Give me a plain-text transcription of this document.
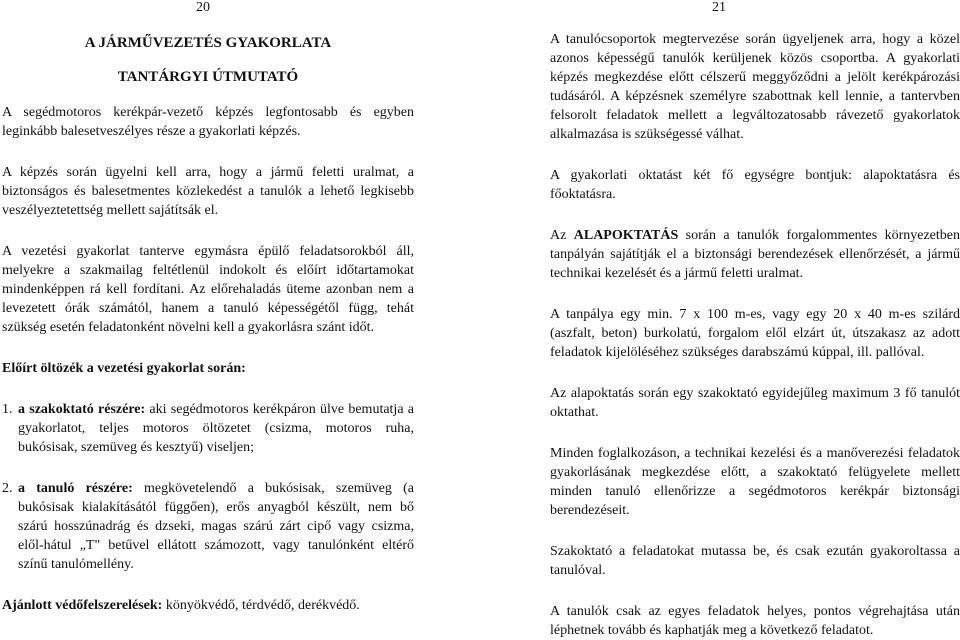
20

A JÁRMŰVEZETÉS GYAKORLATA

TANTÁRGYI ÚTMUTATÓ

A segédmotoros kerékpár-vezető képzés legfontosabb és egyben leginkább balesetveszélyes része a gyakorlati képzés.

A képzés során ügyelni kell arra, hogy a jármű feletti uralmat, a biztonságos és balesetmentes közlekedést a tanulók a lehető legkisebb veszélyeztetettség mellett sajátítsák el.

A vezetési gyakorlat tanterve egymásra épülő feladatsorokból áll, melyekre a szakmailag feltétlenül indokolt és előírt időtartamokat mindenképpen rá kell fordítani. Az előrehaladás üteme azonban nem a levezetett órák számától, hanem a tanuló képességétől függ, tehát szükség esetén feladatonként növelni kell a gyakorlásra szánt időt.

Előírt öltözék a vezetési gyakorlat során:

1. a szakoktató részére: aki segédmotoros kerékpáron ülve bemutatja a gyakorlatot, teljes motoros öltözetet (csizma, motoros ruha, bukósisak, szemüveg és kesztyű) viseljen;

2. a tanuló részére: megkövetelendő a bukósisak, szemüveg (a bukósisak kialakításától függően), erős anyagból készült, nem bő szárú hosszúnadrág és dzseki, magas szárú zárt cipő vagy csizma, elől-hátul „T" betűvel ellátott számozott, vagy tanulónként eltérő színű tanulómellény.

Ajánlott védőfelszerelések: könyökvédő, térdvédő, derékvédő.

21

A tanulócsoportok megtervezése során ügyeljenek arra, hogy a közel azonos képességű tanulók kerüljenek közös csoportba. A gyakorlati képzés megkezdése előtt célszerű meggyőződni a jelölt kerékpározási tudásáról. A képzésnek személyre szabottnak kell lennie, a tantervben felsorolt feladatok mellett a legváltozatosabb rávezető gyakorlatok alkalmazása is szükségessé válhat.

A gyakorlati oktatást két fő egységre bontjuk: alapoktatásra és főoktatásra.

Az ALAPOKTATÁS során a tanulók forgalommentes környezetben tanpályán sajátítják el a biztonsági berendezések ellenőrzését, a jármű technikai kezelését és a jármű feletti uralmat.

A tanpálya egy min. 7 x 100 m-es, vagy egy 20 x 40 m-es szilárd (aszfalt, beton) burkolatú, forgalom elől elzárt út, útszakasz az adott feladatok kijelöléséhez szükséges darabszámú kúppal, ill. pallóval.

Az alapoktatás során egy szakoktató egyidejűleg maximum 3 fő tanulót oktathat.

Minden foglalkozáson, a technikai kezelési és a manőverezési feladatok gyakorlásának megkezdése előtt, a szakoktató felügyelete mellett minden tanuló ellenőrizze a segédmotoros kerékpár biztonsági berendezéseit.

Szakoktató a feladatokat mutassa be, és csak ezután gyakoroltassa a tanulóval.

A tanulók csak az egyes feladatok helyes, pontos végrehajtása után léphetnek tovább és kaphatják meg a következő feladatot.
